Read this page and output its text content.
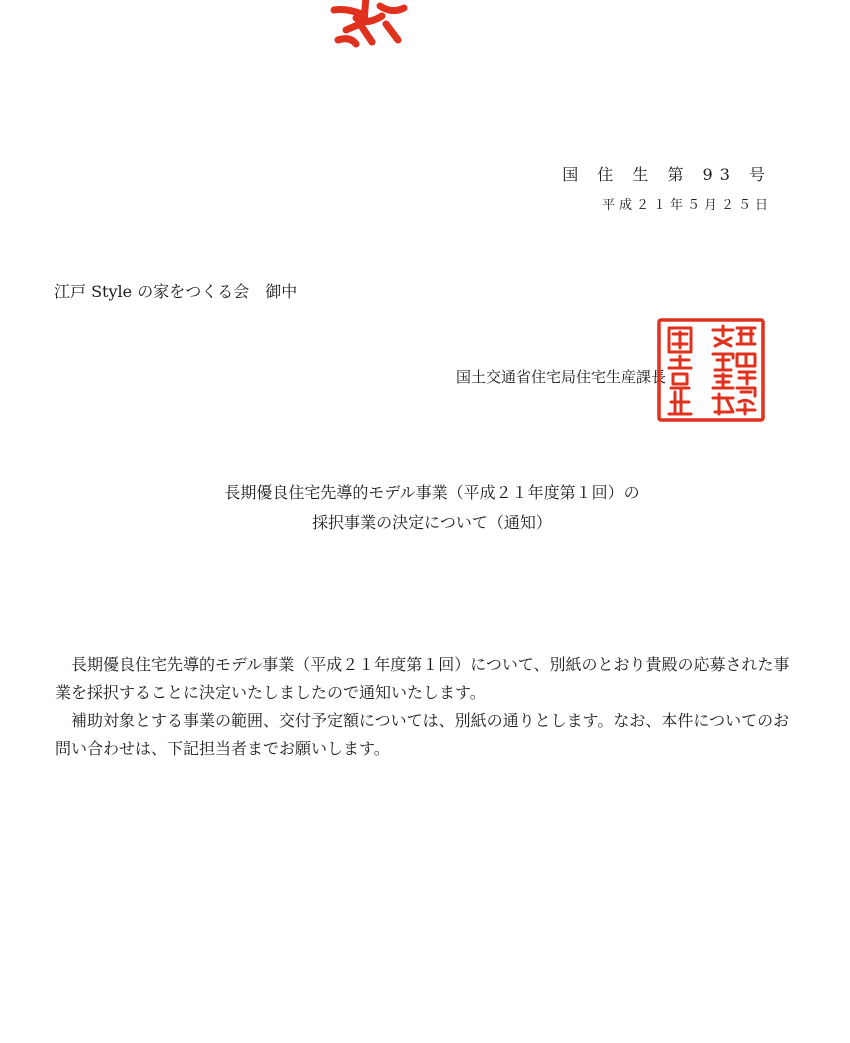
国 住 生 第 93 号
平成２１年５月２５日
江戸 Style の家をつくる会　御中
国土交通省住宅局住宅生産課長
長期優良住宅先導的モデル事業（平成２１年度第１回）の
採択事業の決定について（通知）

長期優良住宅先導的モデル事業（平成２１年度第１回）について、別紙のとおり貴殿の応募された事業を採択することに決定いたしましたので通知いたします。

補助対象とする事業の範囲、交付予定額については、別紙の通りとします。なお、本件についてのお問い合わせは、下記担当者までお願いします。
